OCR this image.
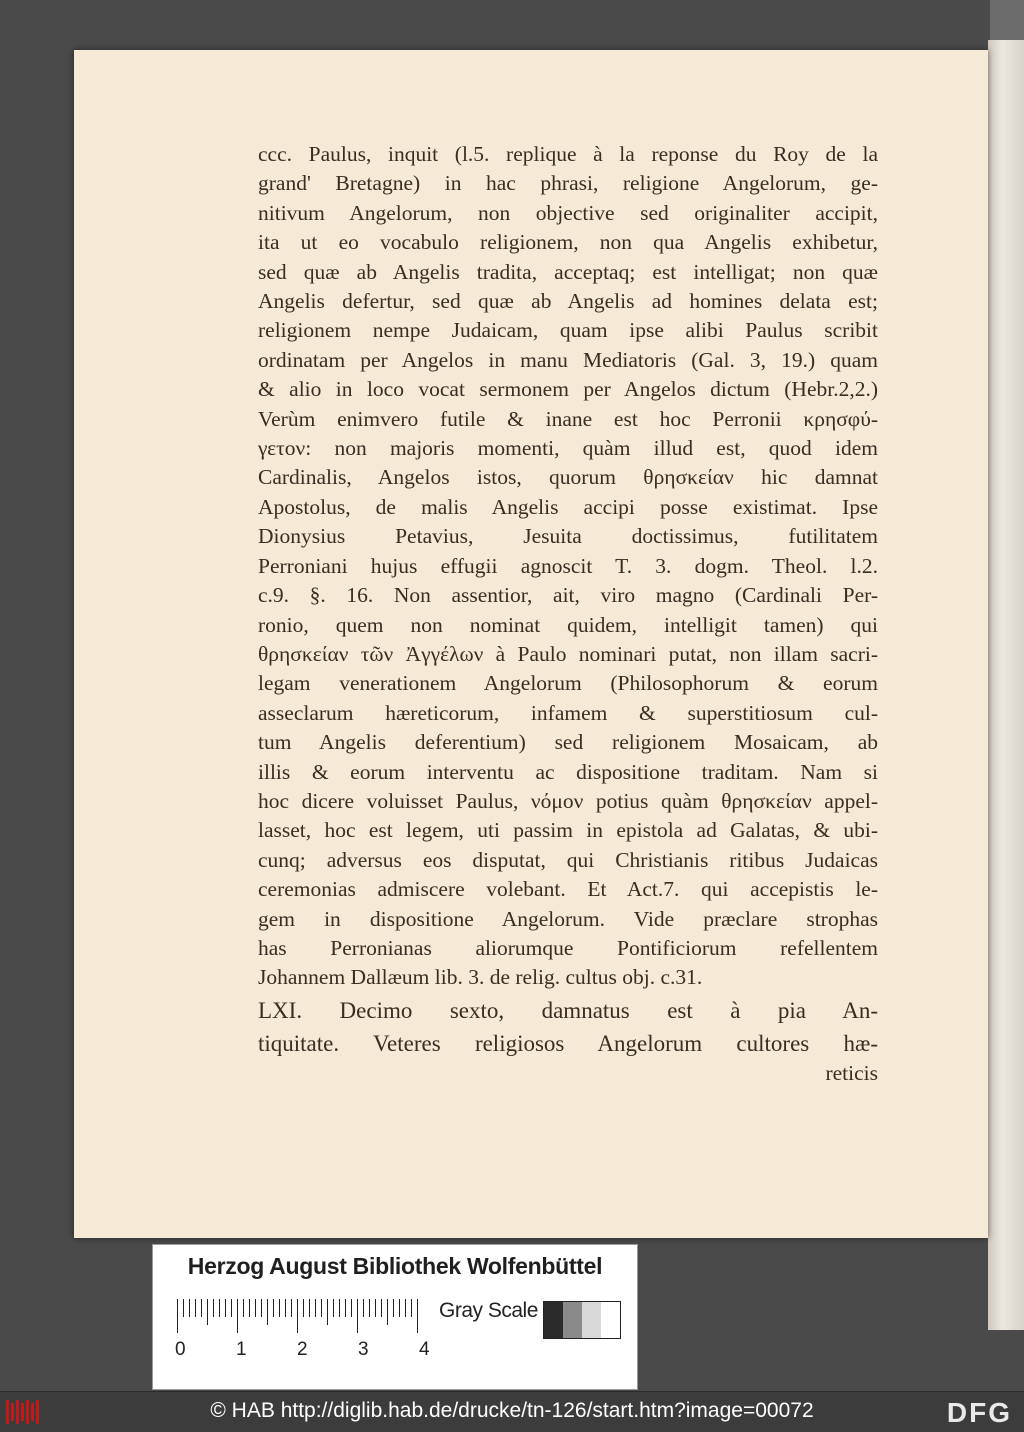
ccc. Paulus, inquit (l.5. replique à la reponse du Roy de la
grand' Bretagne) in hac phrasi, religione Angelorum, ge-
nitivum Angelorum, non objective sed originaliter accipit,
ita ut eo vocabulo religionem, non qua Angelis exhibetur,
sed quæ ab Angelis tradita, acceptaq; est intelligat; non quæ
Angelis defertur, sed quæ ab Angelis ad homines delata est;
religionem nempe Judaicam, quam ipse alibi Paulus scribit
ordinatam per Angelos in manu Mediatoris (Gal. 3, 19.) quam
& alio in loco vocat sermonem per Angelos dictum (Hebr.2,2.)
Verùm enimvero futile & inane est hoc Perronii κρησφύ-
γετον: non majoris momenti, quàm illud est, quod idem
Cardinalis, Angelos istos, quorum θρησκείαν hic damnat
Apostolus, de malis Angelis accipi posse existimat. Ipse
Dionysius Petavius, Jesuita doctissimus, futilitatem
Perroniani hujus effugii agnoscit T. 3. dogm. Theol. l.2.
c.9. §. 16. Non assentior, ait, viro magno (Cardinali Per-
ronio, quem non nominat quidem, intelligit tamen) qui
θρησκείαν τῶν Ἀγγέλων à Paulo nominari putat, non illam sacri-
legam venerationem Angelorum (Philosophorum & eorum
asseclarum hæreticorum, infamem & superstitiosum cul-
tum Angelis deferentium) sed religionem Mosaicam, ab
illis & eorum interventu ac dispositione traditam. Nam si
hoc dicere voluisset Paulus, νόμον potius quàm θρησκείαν appel-
lasset, hoc est legem, uti passim in epistola ad Galatas, & ubi-
cunq; adversus eos disputat, qui Christianis ritibus Judaicas
ceremonias admiscere volebant. Et Act.7. qui accepistis le-
gem in dispositione Angelorum. Vide præclare strophas
has Perronianas aliorumque Pontificiorum refellentem
Johannem Dallæum lib. 3. de relig. cultus obj. c.31.
LXI. Decimo sexto, damnatus est à pia An-
tiquitate. Veteres religiosos Angelorum cultores hæ-
reticis
Herzog August Bibliothek Wolfenbüttel
0	1	2	3	4
Gray Scale
© HAB http://diglib.hab.de/drucke/tn-126/start.htm?image=00072	DFG
